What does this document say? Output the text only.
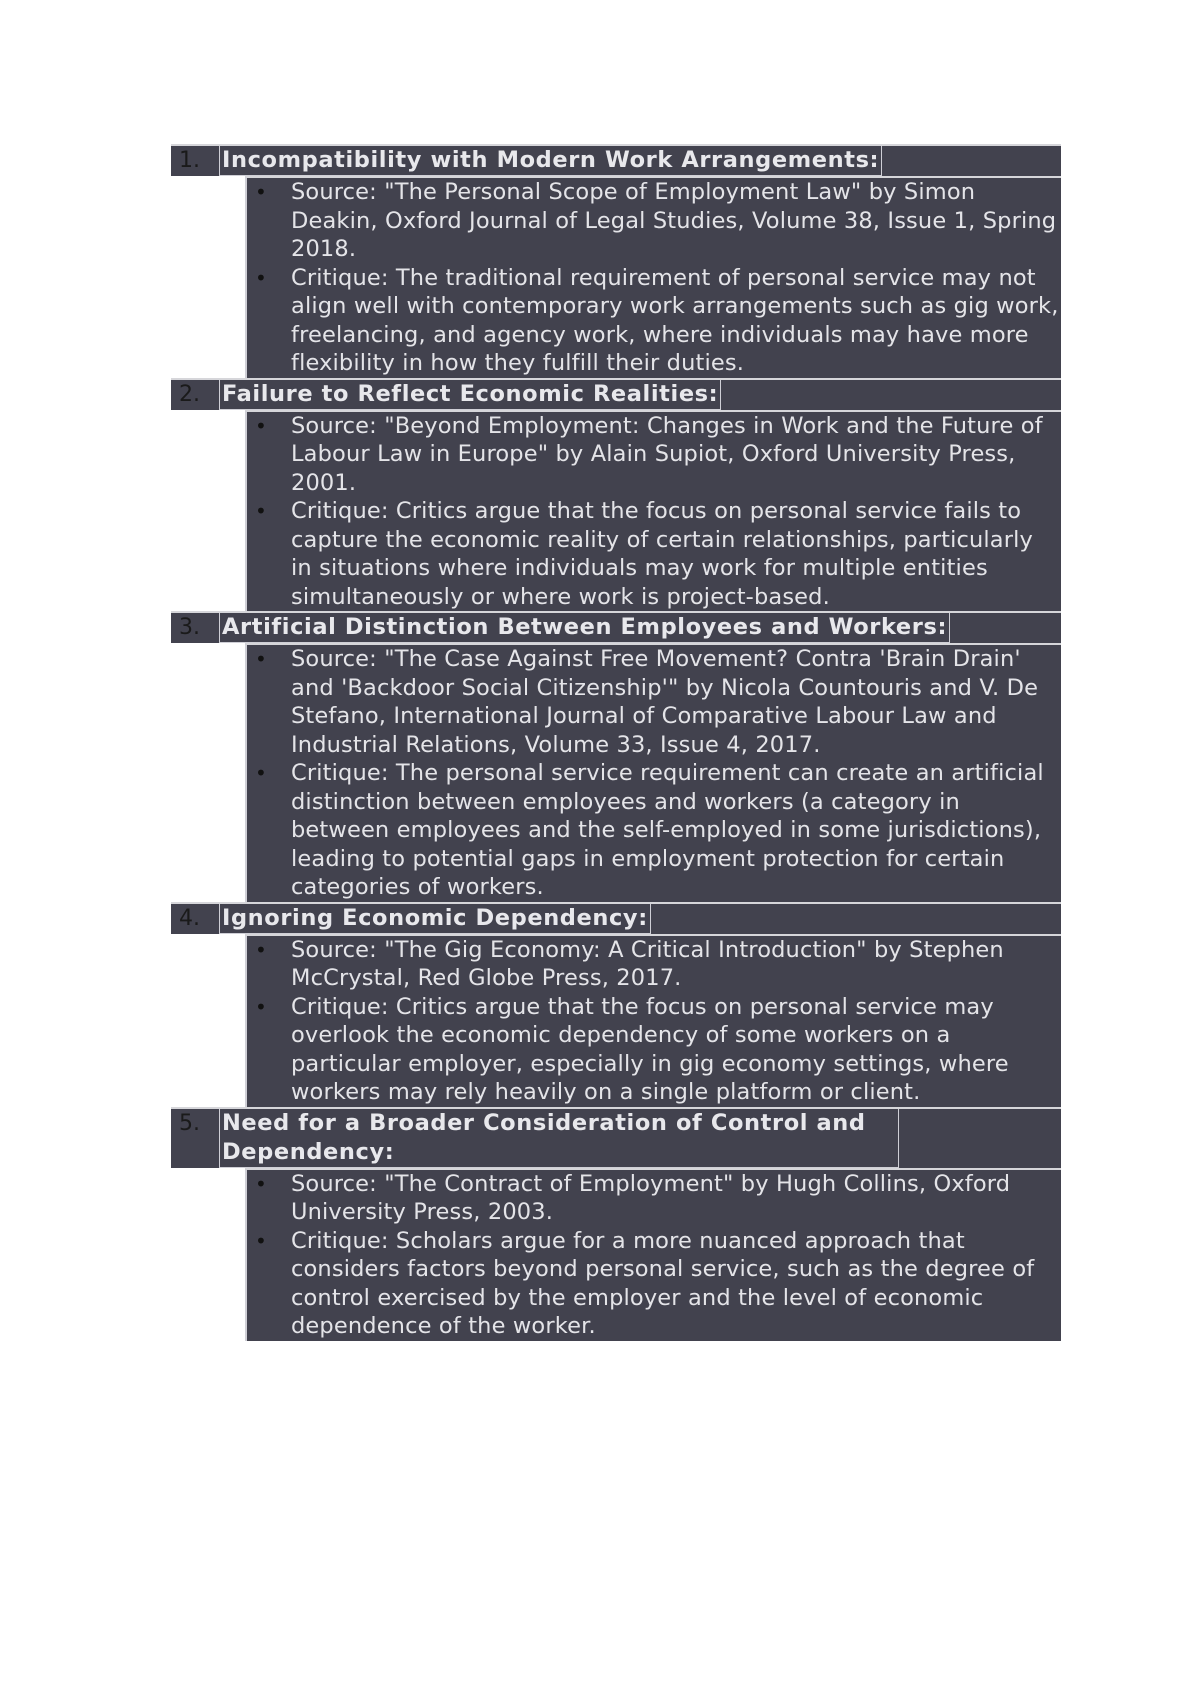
1. Incompatibility with Modern Work Arrangements:
• Source: "The Personal Scope of Employment Law" by Simon Deakin, Oxford Journal of Legal Studies, Volume 38, Issue 1, Spring 2018.
• Critique: The traditional requirement of personal service may not align well with contemporary work arrangements such as gig work, freelancing, and agency work, where individuals may have more flexibility in how they fulfill their duties.
2. Failure to Reflect Economic Realities:
• Source: "Beyond Employment: Changes in Work and the Future of Labour Law in Europe" by Alain Supiot, Oxford University Press, 2001.
• Critique: Critics argue that the focus on personal service fails to capture the economic reality of certain relationships, particularly in situations where individuals may work for multiple entities simultaneously or where work is project-based.
3. Artificial Distinction Between Employees and Workers:
• Source: "The Case Against Free Movement? Contra 'Brain Drain' and 'Backdoor Social Citizenship'" by Nicola Countouris and V. De Stefano, International Journal of Comparative Labour Law and Industrial Relations, Volume 33, Issue 4, 2017.
• Critique: The personal service requirement can create an artificial distinction between employees and workers (a category in between employees and the self-employed in some jurisdictions), leading to potential gaps in employment protection for certain categories of workers.
4. Ignoring Economic Dependency:
• Source: "The Gig Economy: A Critical Introduction" by Stephen McCrystal, Red Globe Press, 2017.
• Critique: Critics argue that the focus on personal service may overlook the economic dependency of some workers on a particular employer, especially in gig economy settings, where workers may rely heavily on a single platform or client.
5. Need for a Broader Consideration of Control and Dependency:
• Source: "The Contract of Employment" by Hugh Collins, Oxford University Press, 2003.
• Critique: Scholars argue for a more nuanced approach that considers factors beyond personal service, such as the degree of control exercised by the employer and the level of economic dependence of the worker.
